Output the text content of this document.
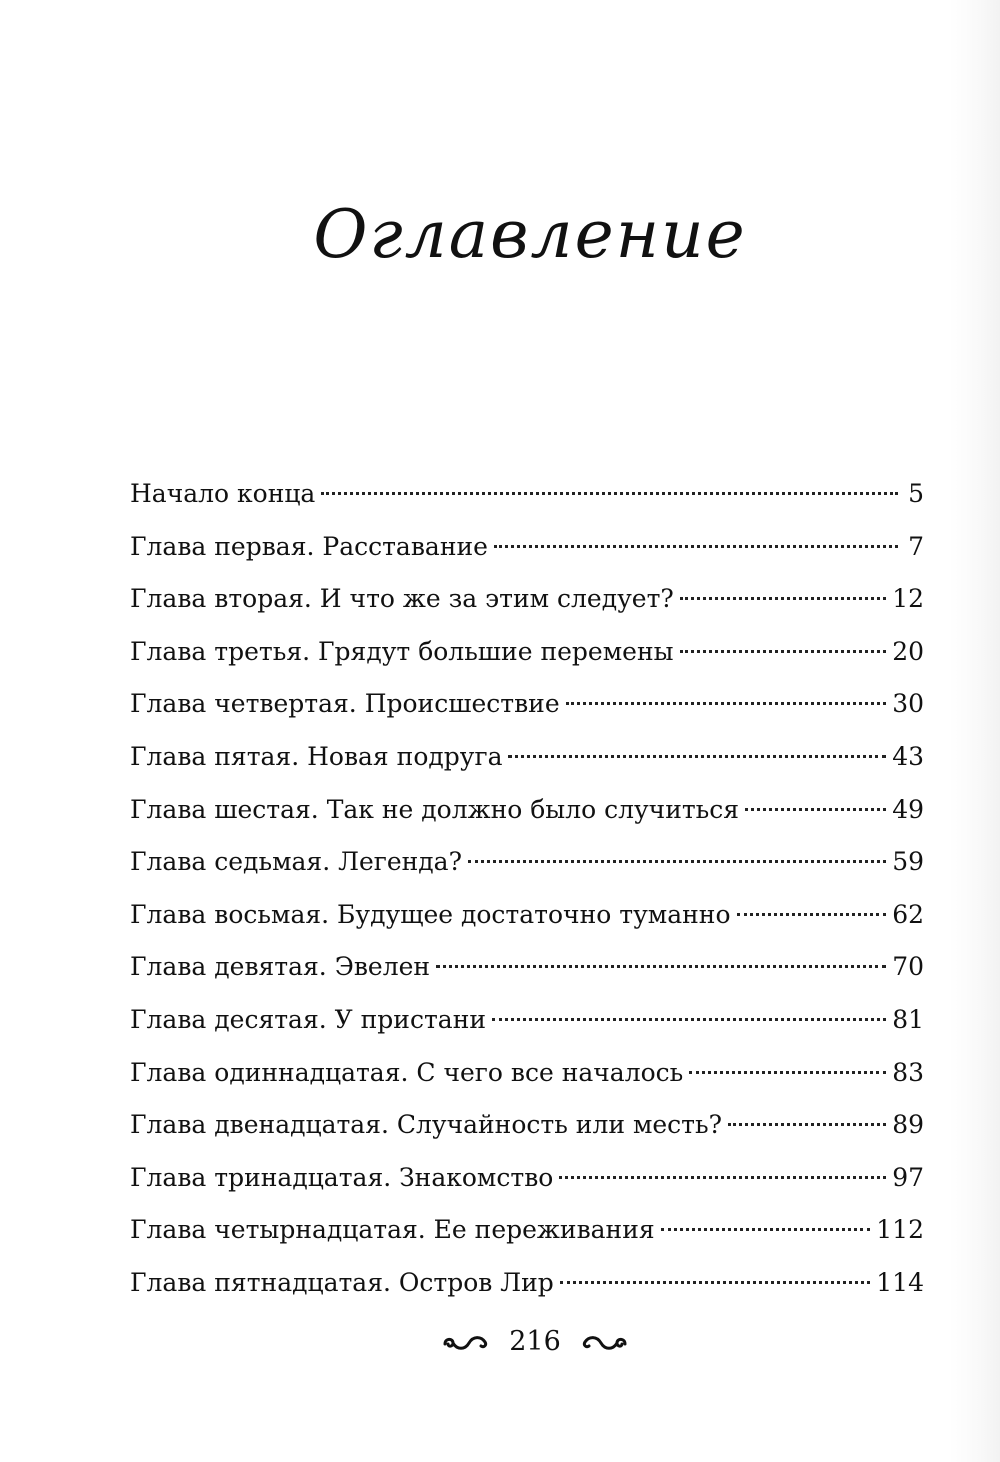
Оглавление
Начало конца	5
Глава первая. Расставание	7
Глава вторая. И что же за этим следует?	12
Глава третья. Грядут большие перемены	20
Глава четвертая. Происшествие	30
Глава пятая. Новая подруга	43
Глава шестая. Так не должно было случиться	49
Глава седьмая. Легенда?	59
Глава восьмая. Будущее достаточно туманно	62
Глава девятая. Эвелен	70
Глава десятая. У пристани	81
Глава одиннадцатая. С чего все началось	83
Глава двенадцатая. Случайность или месть?	89
Глава тринадцатая. Знакомство	97
Глава четырнадцатая. Ее переживания	112
Глава пятнадцатая. Остров Лир	114
216
